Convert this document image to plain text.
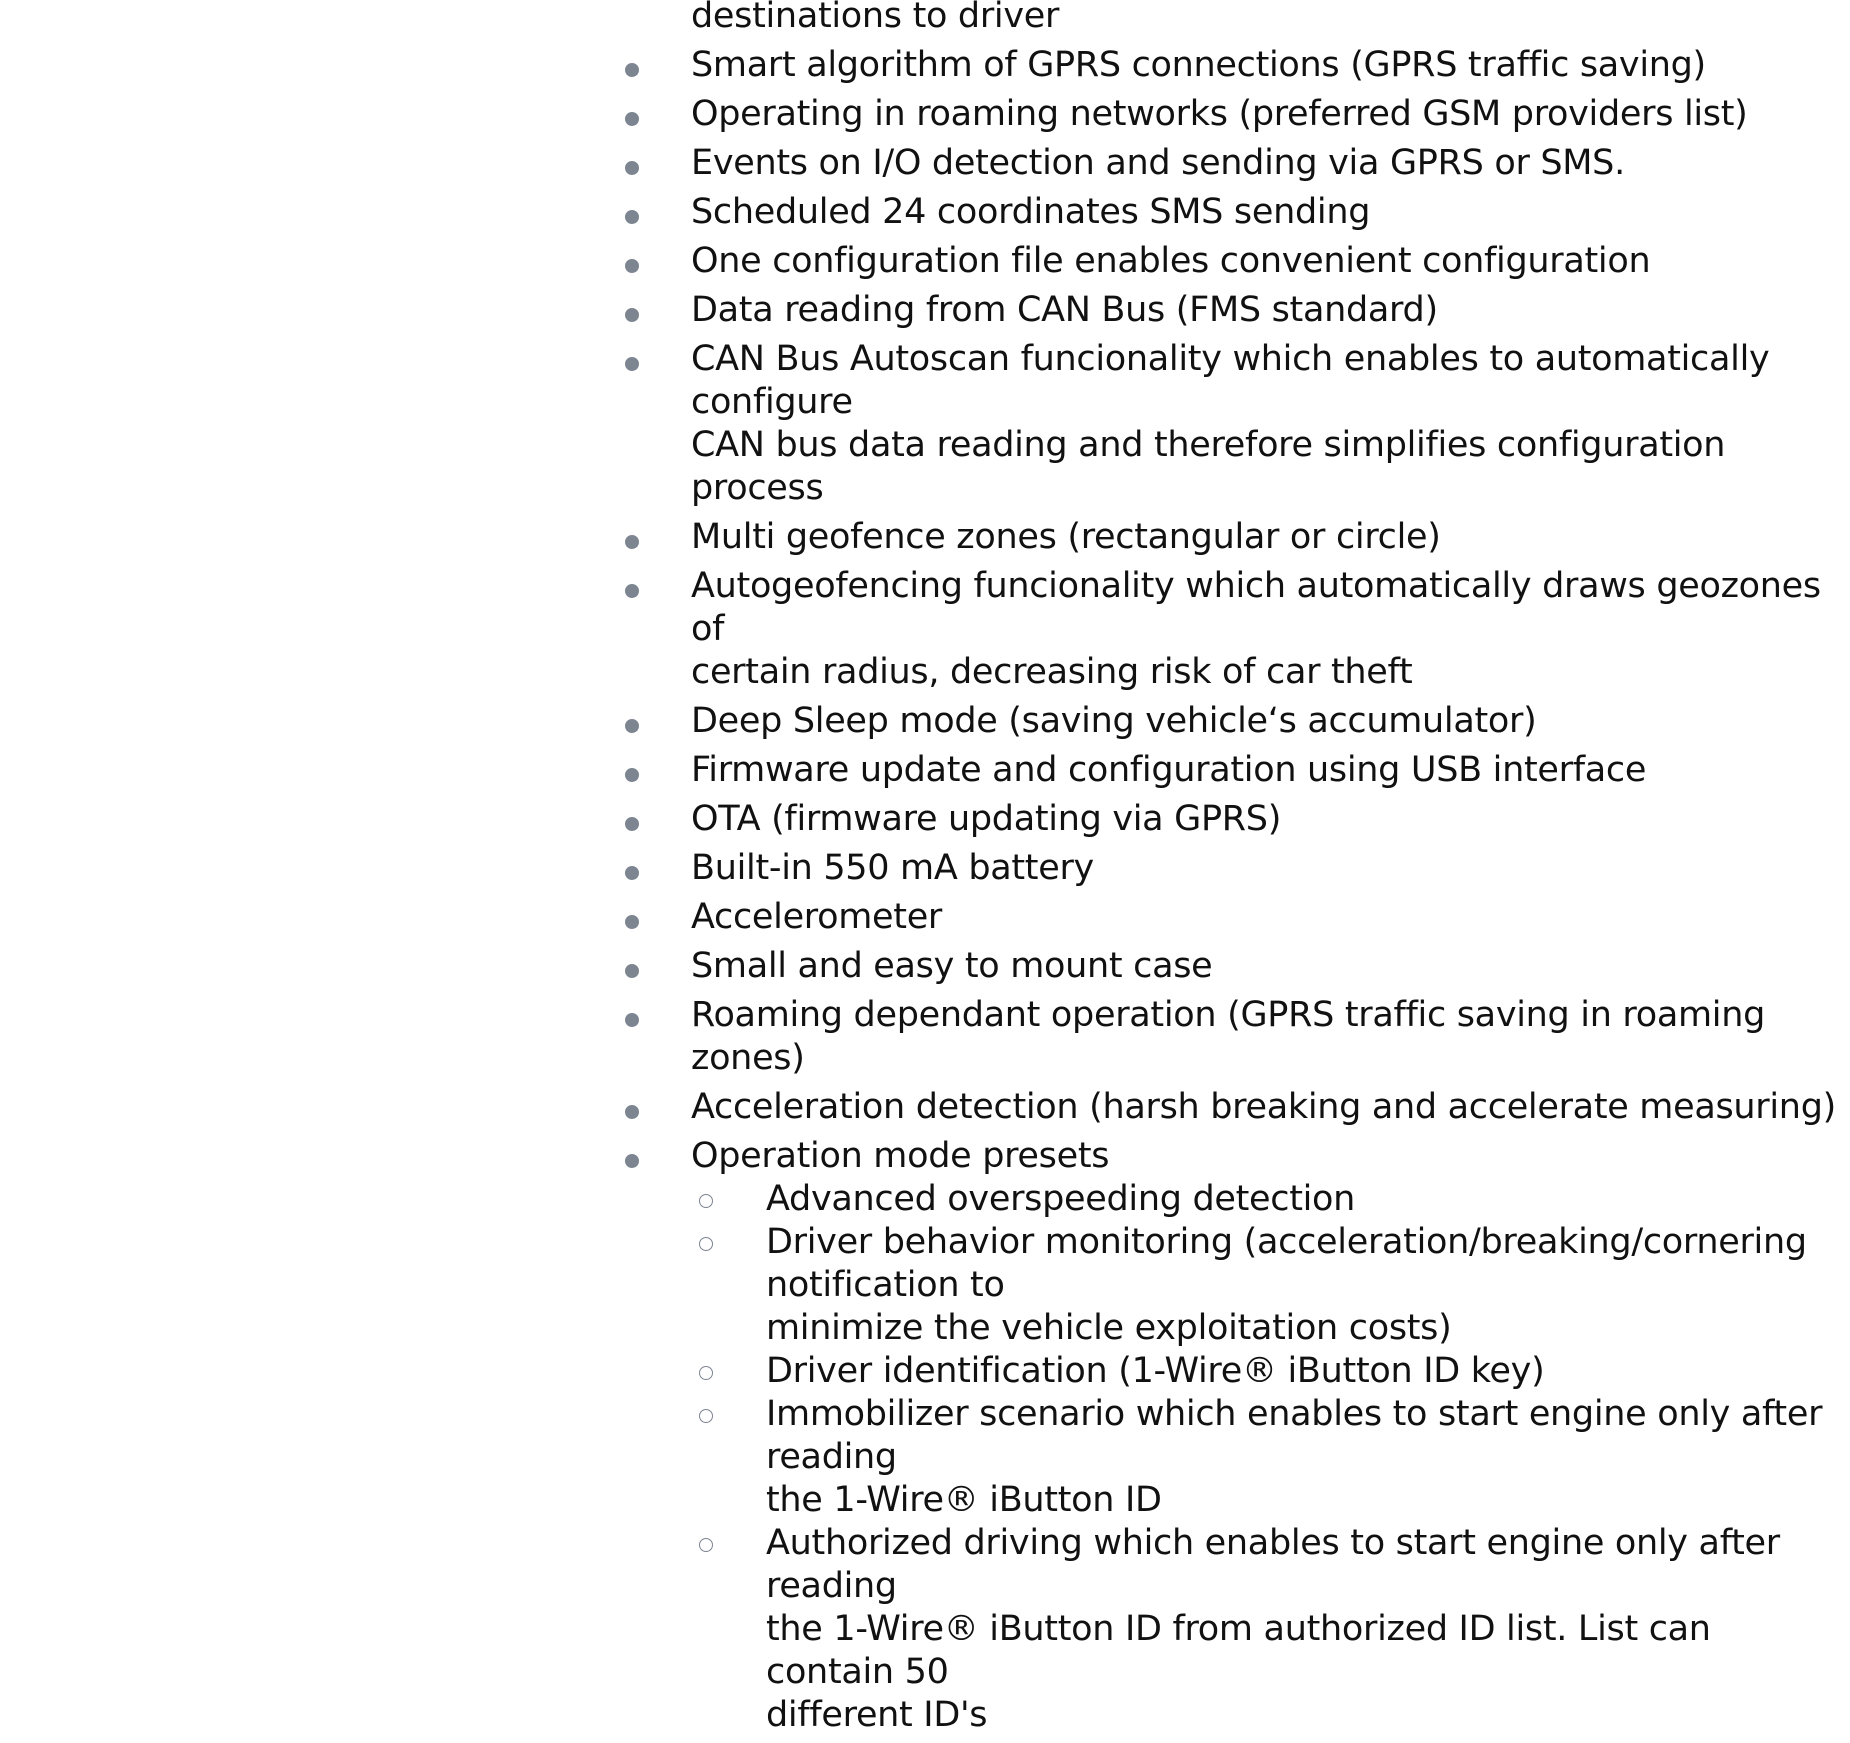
destinations to driver
Smart algorithm of GPRS connections (GPRS traffic saving)
Operating in roaming networks (preferred GSM providers list)
Events on I/O detection and sending via GPRS or SMS.
Scheduled 24 coordinates SMS sending
One configuration file enables convenient configuration
Data reading from CAN Bus (FMS standard)
CAN Bus Autoscan funcionality which enables to automatically configure
CAN bus data reading and therefore simplifies configuration process
Multi geofence zones (rectangular or circle)
Autogeofencing funcionality which automatically draws geozones of
certain radius, decreasing risk of car theft
Deep Sleep mode (saving vehicle‘s accumulator)
Firmware update and configuration using USB interface
OTA (firmware updating via GPRS)
Built-in 550 mA battery
Accelerometer
Small and easy to mount case
Roaming dependant operation (GPRS traffic saving in roaming zones)
Acceleration detection (harsh breaking and accelerate measuring)
Operation mode presets
Advanced overspeeding detection
Driver behavior monitoring (acceleration/breaking/cornering
notification to
minimize the vehicle exploitation costs)
Driver identification (1-Wire® iButton ID key)
Immobilizer scenario which enables to start engine only after reading
the 1-Wire® iButton ID
Authorized driving which enables to start engine only after reading
the 1-Wire® iButton ID from authorized ID list. List can contain 50
different ID's
